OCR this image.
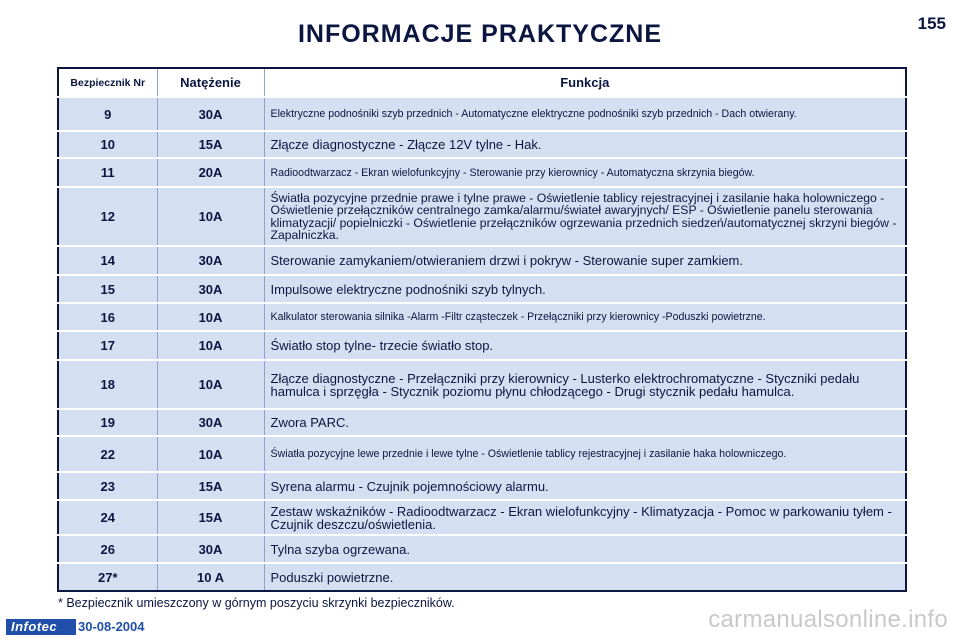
INFORMACJE PRAKTYCZNE	155
Bezpiecznik Nr	Natężenie	Funkcja
9	30A	Elektryczne podnośniki szyb przednich - Automatyczne elektryczne podnośniki szyb przednich - Dach otwierany.
10	15A	Złącze diagnostyczne - Złącze 12V tylne - Hak.
11	20A	Radioodtwarzacz - Ekran wielofunkcyjny - Sterowanie przy kierownicy - Automatyczna skrzynia biegów.
12	10A	Światła pozycyjne przednie prawe i tylne prawe - Oświetlenie tablicy rejestracyjnej i zasilanie haka holowniczego - Oświetlenie przełączników centralnego zamka/alarmu/świateł awaryjnych/ ESP - Oświetlenie panelu sterowania klimatyzacji/ popielniczki - Oświetlenie przełączników ogrzewania przednich siedzeń/automatycznej skrzyni biegów - Zapalniczka.
14	30A	Sterowanie zamykaniem/otwieraniem drzwi i pokryw - Sterowanie super zamkiem.
15	30A	Impulsowe elektryczne podnośniki szyb tylnych.
16	10A	Kalkulator sterowania silnika -Alarm -Filtr cząsteczek - Przełączniki przy kierownicy -Poduszki powietrzne.
17	10A	Światło stop tylne- trzecie światło stop.
18	10A	Złącze diagnostyczne - Przełączniki przy kierownicy - Lusterko elektrochromatyczne - Styczniki pedału hamulca i sprzęgła - Stycznik poziomu płynu chłodzącego - Drugi stycznik pedału hamulca.
19	30A	Zwora PARC.
22	10A	Światła pozycyjne lewe przednie i lewe tylne - Oświetlenie tablicy rejestracyjnej i zasilanie haka holowniczego.
23	15A	Syrena alarmu - Czujnik pojemnościowy alarmu.
24	15A	Zestaw wskaźników - Radioodtwarzacz - Ekran wielofunkcyjny - Klimatyzacja - Pomoc w parkowaniu tyłem - Czujnik deszczu/oświetlenia.
26	30A	Tylna szyba ogrzewana.
27*	10 A	Poduszki powietrzne.
* Bezpiecznik umieszczony w górnym poszyciu skrzynki bezpieczników.
Infotec	30-08-2004	carmanualsonline.info
